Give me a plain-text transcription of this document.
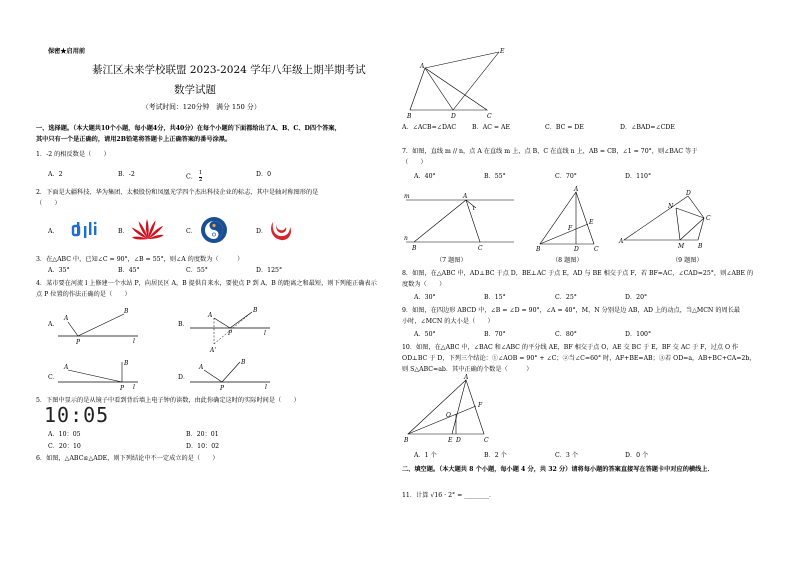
保密★启用前
綦江区未来学校联盟 2023-2024 学年八年级上期半期考试
数学试题
（考试时间：120分钟　满分 150 分）
一、选择题。（本大题共10个小题，每小题4分，共40分）在每个小题的下面都给出了A、B、C、D四个答案，
其中只有一个是正确的，请用2B铅笔将答题卡上正确答案的番号涂黑。
1．-2 的相反数是（　　）
A．2	B．-2	C． $\frac{1}{2}$	D．0
2．下面是大疆科技、华为集团、太极股份和凤凰光学四个杰出科技企业的标志，其中是轴对称图形的是
（　　）
A．	B．	C．	D．
3．在△ABC 中，已知∠C = 90°，∠B = 55°，则∠A 的度数为（　　　）
A．35°	B．45°	C．55°	D．125°
4．某市要在河流 l 上修建一个水站 P，向居民区 A，B 提供自来水，要使点 P 到 A，B 的距离之和最短，则下列能正确表示
点 P 位置的作法正确的是（　　）
A．
A
B
P	l
B．
A
B
P
A'
l
C．
A
B
P l
D．
A
B
P	l
5．下图中显示的是从镜子中看到背后墙上电子钟的读数，由此你确定这时的实际时间是（　　）
10:05
A．10：05	B．20：01
C．20：10	D．10：02
6．如图，△ABC≌△ADE，则下列结论中不一定成立的是（　　）
A
E
B	D	C
A．∠ACB=∠DAC	B．AC = AE	C．BC = DE	D．∠BAD=∠CDE
7．如图，直线 m // n，点 A 在直线 m 上，点 B、C 在直线 n 上，AB = CB，∠1 = 70°，则∠BAC 等于
（　　）
A．40°	B．55°	C．70°	D．110°
m
n
A
1
B	C
（7 题图）
A
E
F
B	D	C
（8 题图）
A
D
N
C
M B
（9 题图）
8．如图，在△ABC 中，AD⊥BC 于点 D，BE⊥AC 于点 E，AD 与 BE 相交于点 F，若 BF=AC，∠CAD=25°，则∠ABE 的
度数为（　　）
A．30°	B．15°	C．25°	D．20°
9．如图，在四边形 ABCD 中，∠B = ∠D = 90°，∠A = 40°，M，N 分别是边 AB，AD 上的动点，当△MCN 的周长最
小时，∠MCN 的大小是（　　）
A．50°	B．70°	C．80°	D．100°
10．如图，在△ABC 中，∠BAC 和∠ABC 的平分线 AE，BF 相交于点 O，AE 交 BC 于 E，BF 交 AC 于 F，过点 O 作
OD⊥BC 于 D，下列三个结论：①∠AOB = 90° + ∠C；②当∠C=60° 时，AF+BE=AB；③若 OD=a，AB+BC+CA=2b，
则 S△ABC=ab．其中正确的个数是（　　　）
A
F
O
B	E D	C
A．1 个	B．2 个	C．3 个	D．0 个
二、填空题。（本大题共 8 个小题，每小题 4 分，共 32 分）请将每小题的答案直接写在答题卡中对应的横线上．
11．计算 √16 · 2° = ________．
